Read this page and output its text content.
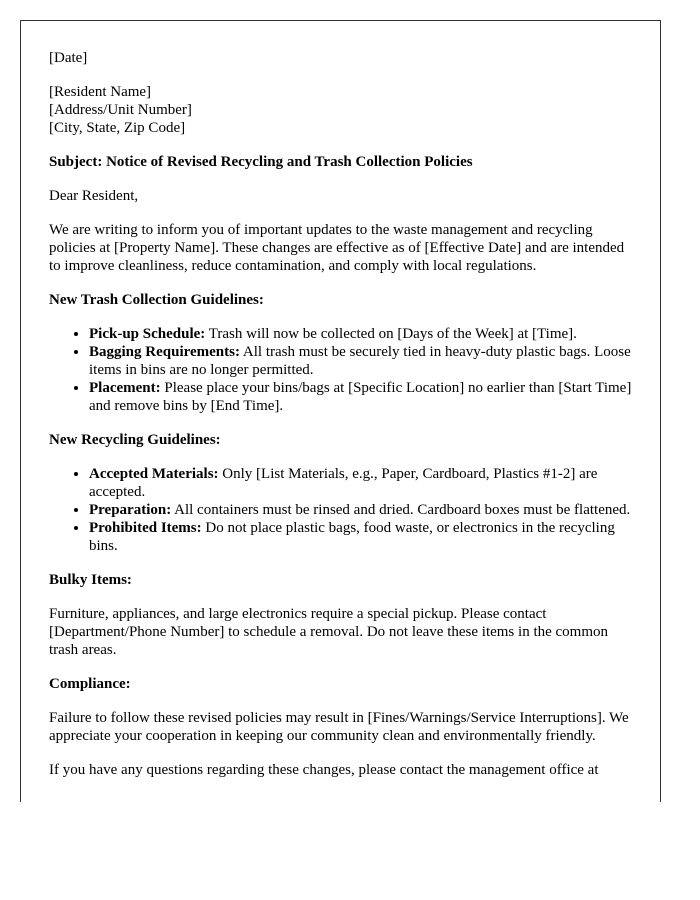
[Date]

[Resident Name]
[Address/Unit Number]
[City, State, Zip Code]

Subject: Notice of Revised Recycling and Trash Collection Policies

Dear Resident,

We are writing to inform you of important updates to the waste management and recycling policies at [Property Name]. These changes are effective as of [Effective Date] and are intended to improve cleanliness, reduce contamination, and comply with local regulations.

New Trash Collection Guidelines:

• Pick-up Schedule: Trash will now be collected on [Days of the Week] at [Time].
• Bagging Requirements: All trash must be securely tied in heavy-duty plastic bags. Loose items in bins are no longer permitted.
• Placement: Please place your bins/bags at [Specific Location] no earlier than [Start Time] and remove bins by [End Time].

New Recycling Guidelines:

• Accepted Materials: Only [List Materials, e.g., Paper, Cardboard, Plastics #1-2] are accepted.
• Preparation: All containers must be rinsed and dried. Cardboard boxes must be flattened.
• Prohibited Items: Do not place plastic bags, food waste, or electronics in the recycling bins.

Bulky Items:

Furniture, appliances, and large electronics require a special pickup. Please contact [Department/Phone Number] to schedule a removal. Do not leave these items in the common trash areas.

Compliance:

Failure to follow these revised policies may result in [Fines/Warnings/Service Interruptions]. We appreciate your cooperation in keeping our community clean and environmentally friendly.

If you have any questions regarding these changes, please contact the management office at
